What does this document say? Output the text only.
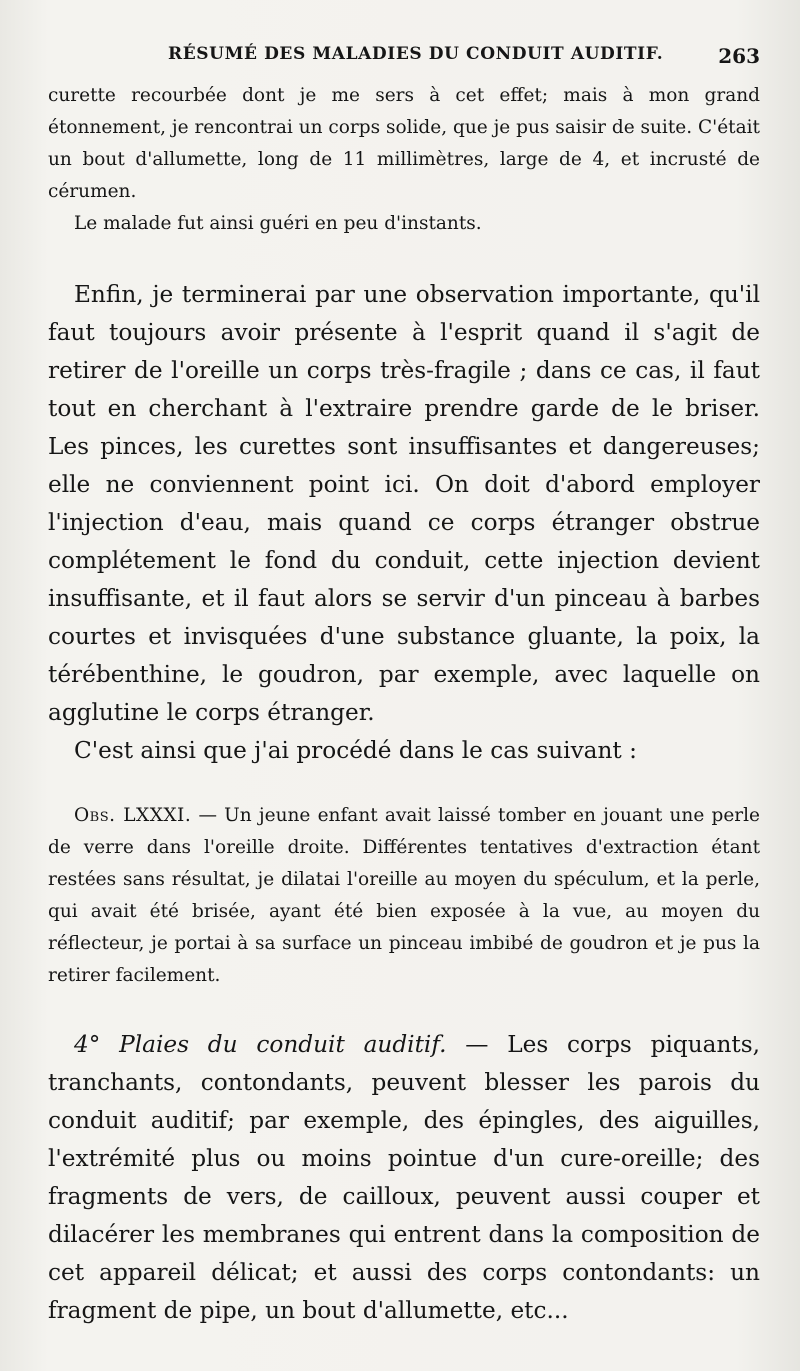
RÉSUMÉ DES MALADIES DU CONDUIT AUDITIF.	263

curette recourbée dont je me sers à cet effet; mais à mon grand étonnement, je rencontrai un corps solide, que je pus saisir de suite. C'était un bout d'allumette, long de 11 millimètres, large de 4, et incrusté de cérumen.

Le malade fut ainsi guéri en peu d'instants.

Enfin, je terminerai par une observation importante, qu'il faut toujours avoir présente à l'esprit quand il s'agit de retirer de l'oreille un corps très-fragile ; dans ce cas, il faut tout en cherchant à l'extraire prendre garde de le briser. Les pinces, les curettes sont insuffisantes et dangereuses; elle ne conviennent point ici. On doit d'abord employer l'injection d'eau, mais quand ce corps étranger obstrue complétement le fond du conduit, cette injection devient insuffisante, et il faut alors se servir d'un pinceau à barbes courtes et invisquées d'une substance gluante, la poix, la térébenthine, le goudron, par exemple, avec laquelle on agglutine le corps étranger.

C'est ainsi que j'ai procédé dans le cas suivant :

Obs. LXXXI. — Un jeune enfant avait laissé tomber en jouant une perle de verre dans l'oreille droite. Différentes tentatives d'extraction étant restées sans résultat, je dilatai l'oreille au moyen du spéculum, et la perle, qui avait été brisée, ayant été bien exposée à la vue, au moyen du réflecteur, je portai à sa surface un pinceau imbibé de goudron et je pus la retirer facilement.

4° Plaies du conduit auditif. — Les corps piquants, tranchants, contondants, peuvent blesser les parois du conduit auditif; par exemple, des épingles, des aiguilles, l'extrémité plus ou moins pointue d'un cure-oreille; des fragments de vers, de cailloux, peuvent aussi couper et dilacérer les membranes qui entrent dans la composition de cet appareil délicat; et aussi des corps contondants: un fragment de pipe, un bout d'allumette, etc...
